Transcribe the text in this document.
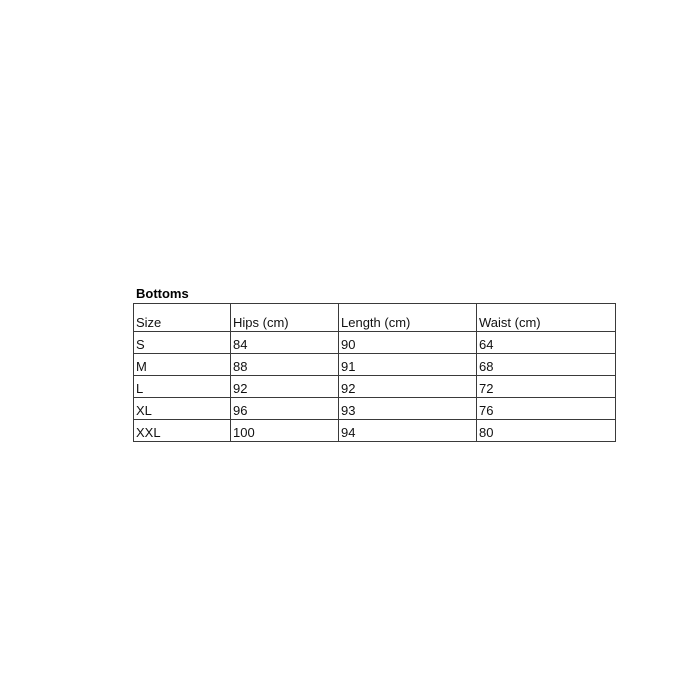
Bottoms
Size	Hips (cm)	Length (cm)	Waist (cm)
S	84	90	64
M	88	91	68
L	92	92	72
XL	96	93	76
XXL	100	94	80
